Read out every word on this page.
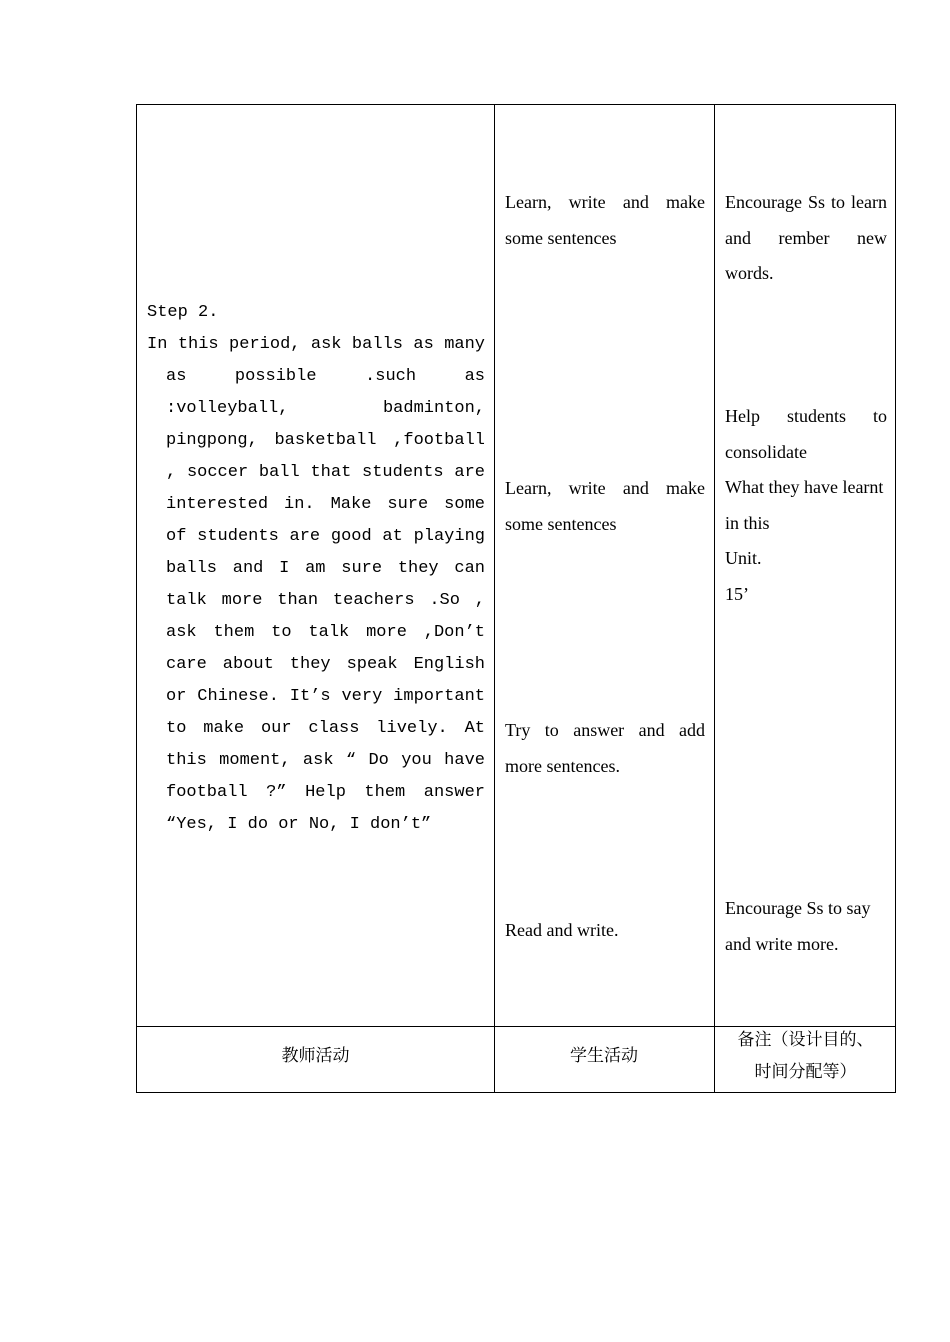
Step 2.
In this period, ask balls as many as possible .such as :volleyball, badminton, pingpong, basketball ,football , soccer ball that students are interested in. Make sure some of students are good at playing balls and I am sure they can talk more than teachers .So , ask them to talk more ,Don’t care about they speak English or Chinese. It’s very important to make our class lively. At this moment, ask “ Do you have football ?” Help them answer “Yes, I do or No, I don’t”
Learn, write and make some sentences
Learn, write and make some sentences
Try to answer and add more sentences.
Read and write.
Encourage Ss to learn and rember new words.
Help students to consolidate
What they have learnt in this
Unit.
15’
Encourage Ss to say and write more.
教师活动	学生活动
备注（设计目的、
时间分配等）
